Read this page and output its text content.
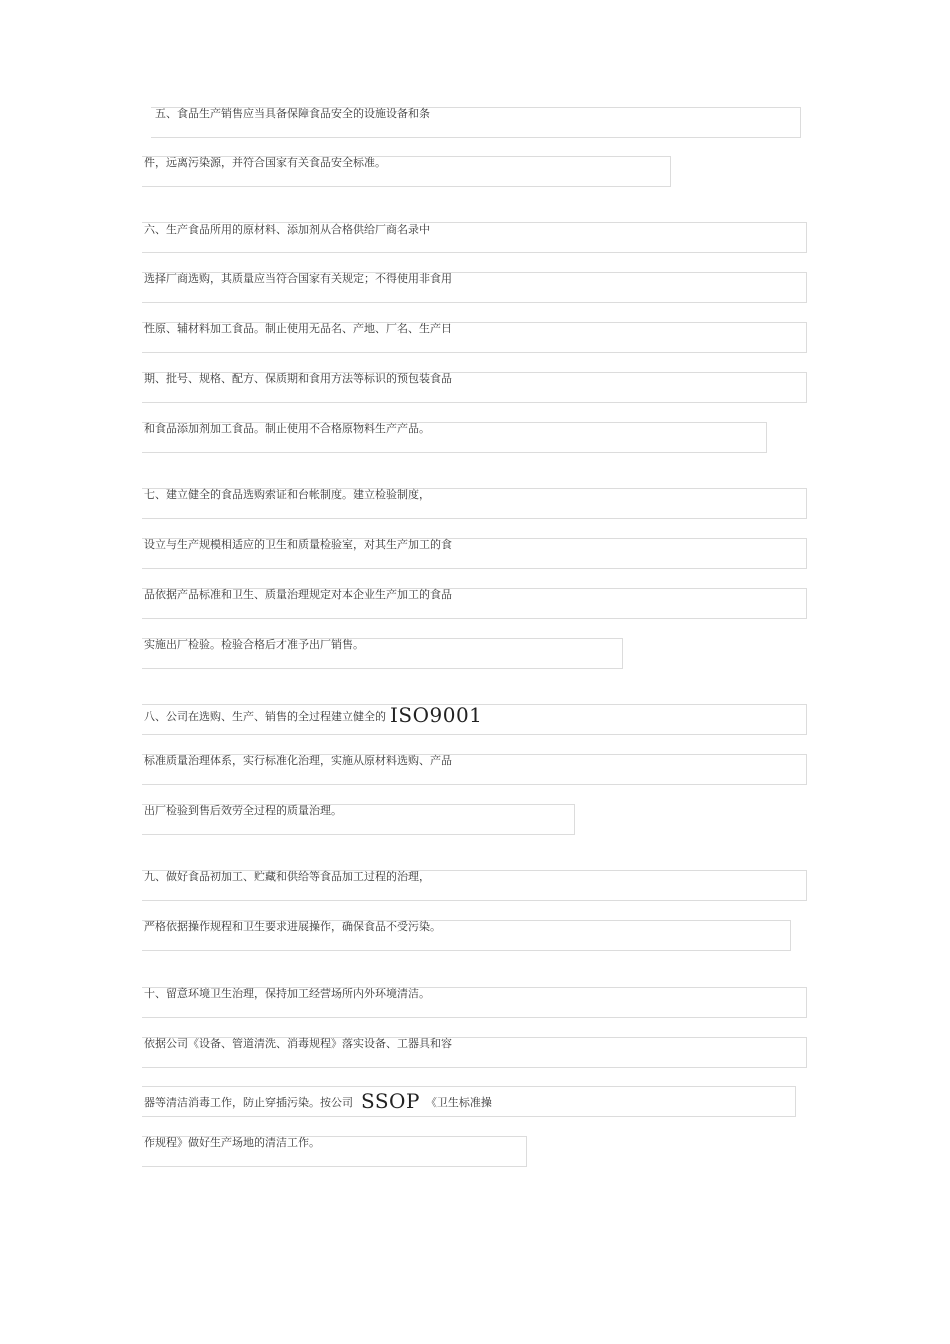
五、食品生产销售应当具备保障食品安全的设施设备和条
件，远离污染源，并符合国家有关食品安全标准。
六、生产食品所用的原材料、添加剂从合格供给厂商名录中
选择厂商选购，其质量应当符合国家有关规定；不得使用非食用
性原、辅材料加工食品。制止使用无品名、产地、厂名、生产日
期、批号、规格、配方、保质期和食用方法等标识的预包装食品
和食品添加剂加工食品。制止使用不合格原物料生产产品。
七、建立健全的食品选购索证和台帐制度。建立检验制度，
设立与生产规模相适应的卫生和质量检验室，对其生产加工的食
品依据产品标准和卫生、质量治理规定对本企业生产加工的食品
实施出厂检验。检验合格后才准予出厂销售。
八、公司在选购、生产、销售的全过程建立健全的 ISO9001
标准质量治理体系，实行标准化治理，实施从原材料选购、产品
出厂检验到售后效劳全过程的质量治理。
九、做好食品初加工、贮藏和供给等食品加工过程的治理，
严格依据操作规程和卫生要求进展操作，确保食品不受污染。
十、留意环境卫生治理，保持加工经营场所内外环境清洁。
依据公司《设备、管道清洗、消毒规程》落实设备、工器具和容
器等清洁消毒工作，防止穿插污染。按公司 SSOP 《卫生标准操
作规程》做好生产场地的清洁工作。
